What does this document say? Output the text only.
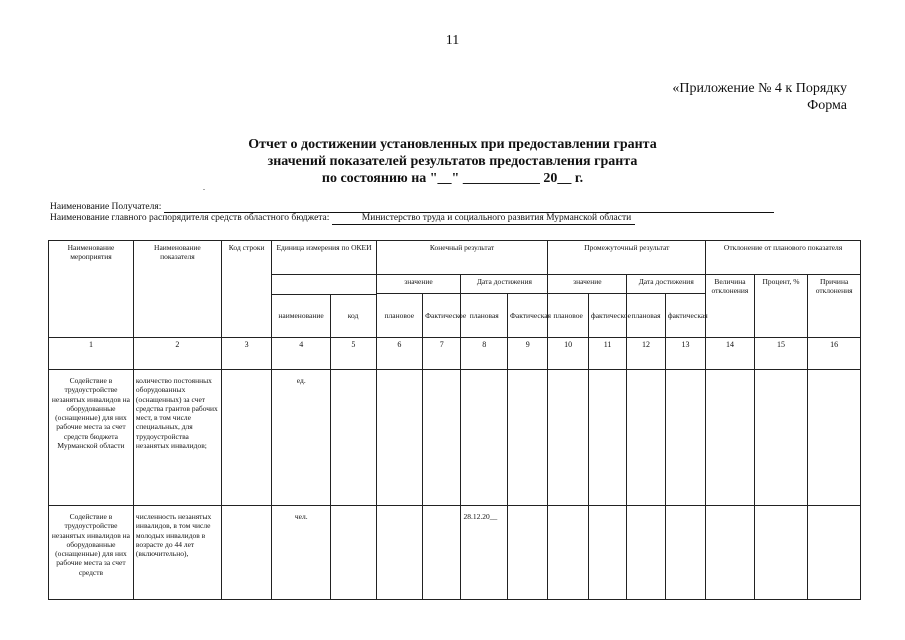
11
«Приложение № 4 к Порядку
Форма
Отчет о достижении установленных при предоставлении гранта
значений показателей результатов предоставления гранта
по состоянию на "__" ___________ 20__ г.
.
Наименование Получателя:
Наименование главного распорядителя средств областного бюджета:	Министерство труда и социального развития Мурманской области
Наименование мероприятия	Наименование показателя	Код строки	Единица измерения по ОКЕИ	Конечный результат	Промежуточный результат	Отклонение от планового показателя

наименование	код
	значение	Дата достижения	значение	Дата достижения	Величина отклонения	Процент, %	Причина отклонения
плановое	Фактическое	плановая	Фактическая	плановое	фактическое	плановая	фактическая
1	2	3	4	5	6	7	8	9	10	11	12	13	14	15	16
Содействие в трудоустройстве незанятых инвалидов на оборудованные (оснащенные) для них рабочие места за счет средств бюджета Мурманской области	количество постоянных оборудованных (оснащенных) за счет средства грантов рабочих мест, в том числе специальных, для трудоустройства незанятых инвалидов;		ед.												
Содействие в трудоустройстве незанятых инвалидов на оборудованные (оснащенные) для них рабочие места за счет средств	численность незанятых инвалидов, в том числе молодых инвалидов в возрасте до 44 лет (включительно),		чел.				28.12.20__								
